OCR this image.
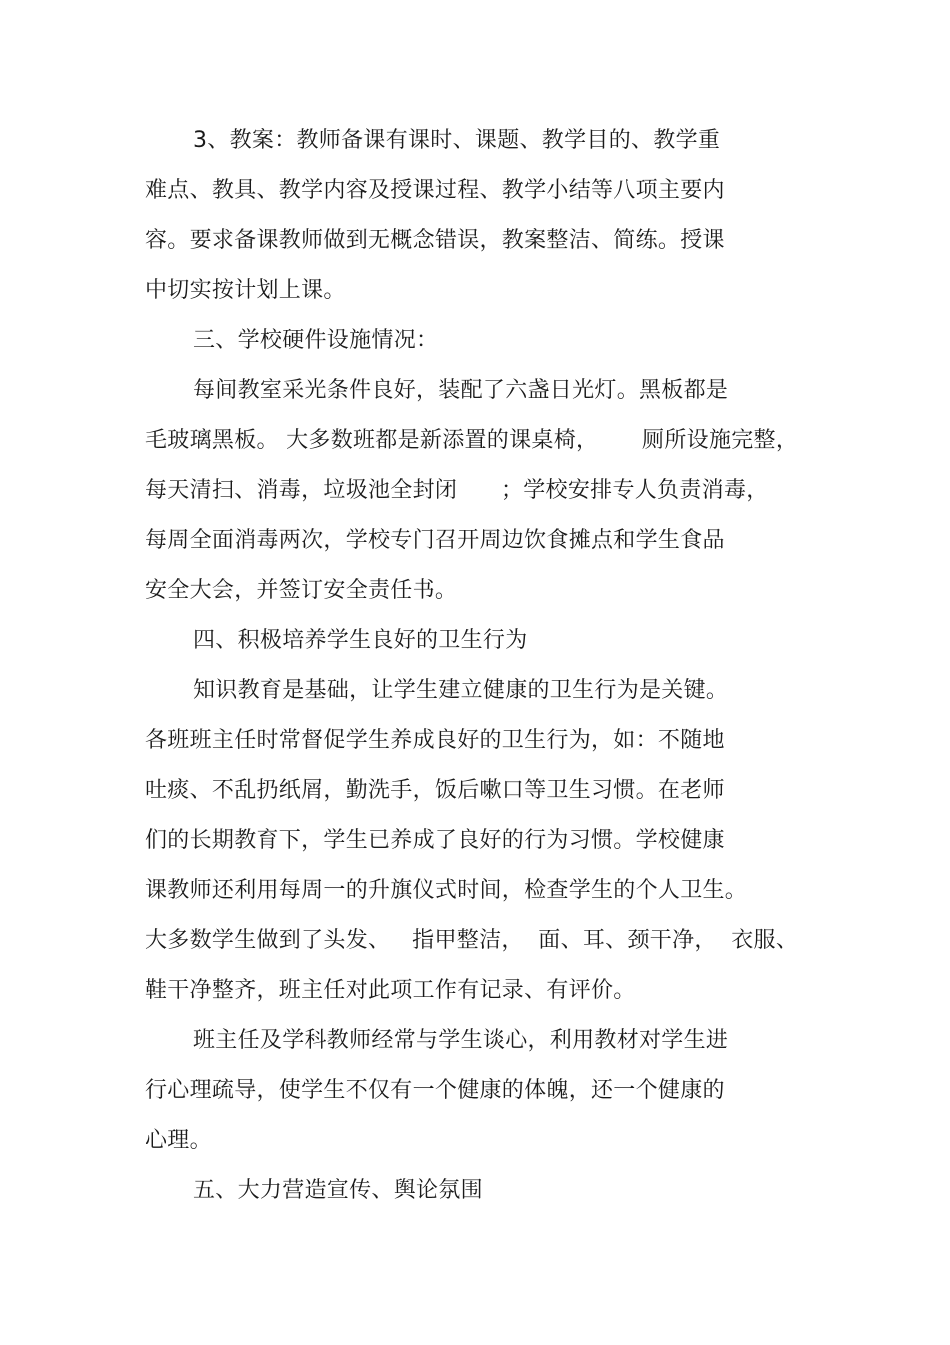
3、教案：教师备课有课时、课题、教学目的、教学重
难点、教具、教学内容及授课过程、教学小结等八项主要内
容。要求备课教师做到无概念错误，教案整洁、简练。授课
中切实按计划上课。
三、学校硬件设施情况：
每间教室采光条件良好，装配了六盏日光灯。黑板都是
毛玻璃黑板。 大多数班都是新添置的课桌椅，      厕所设施完整，
每天清扫、消毒，垃圾池全封闭      ；学校安排专人负责消毒，
每周全面消毒两次，学校专门召开周边饮食摊点和学生食品
安全大会，并签订安全责任书。
四、积极培养学生良好的卫生行为
知识教育是基础，让学生建立健康的卫生行为是关键。
各班班主任时常督促学生养成良好的卫生行为，如：不随地
吐痰、不乱扔纸屑，勤洗手，饭后嗽口等卫生习惯。在老师
们的长期教育下，学生已养成了良好的行为习惯。学校健康
课教师还利用每周一的升旗仪式时间，检查学生的个人卫生。
大多数学生做到了头发、   指甲整洁，  面、耳、颈干净，  衣服、
鞋干净整齐，班主任对此项工作有记录、有评价。
班主任及学科教师经常与学生谈心，利用教材对学生进
行心理疏导，使学生不仅有一个健康的体魄，还一个健康的
心理。
五、大力营造宣传、舆论氛围
